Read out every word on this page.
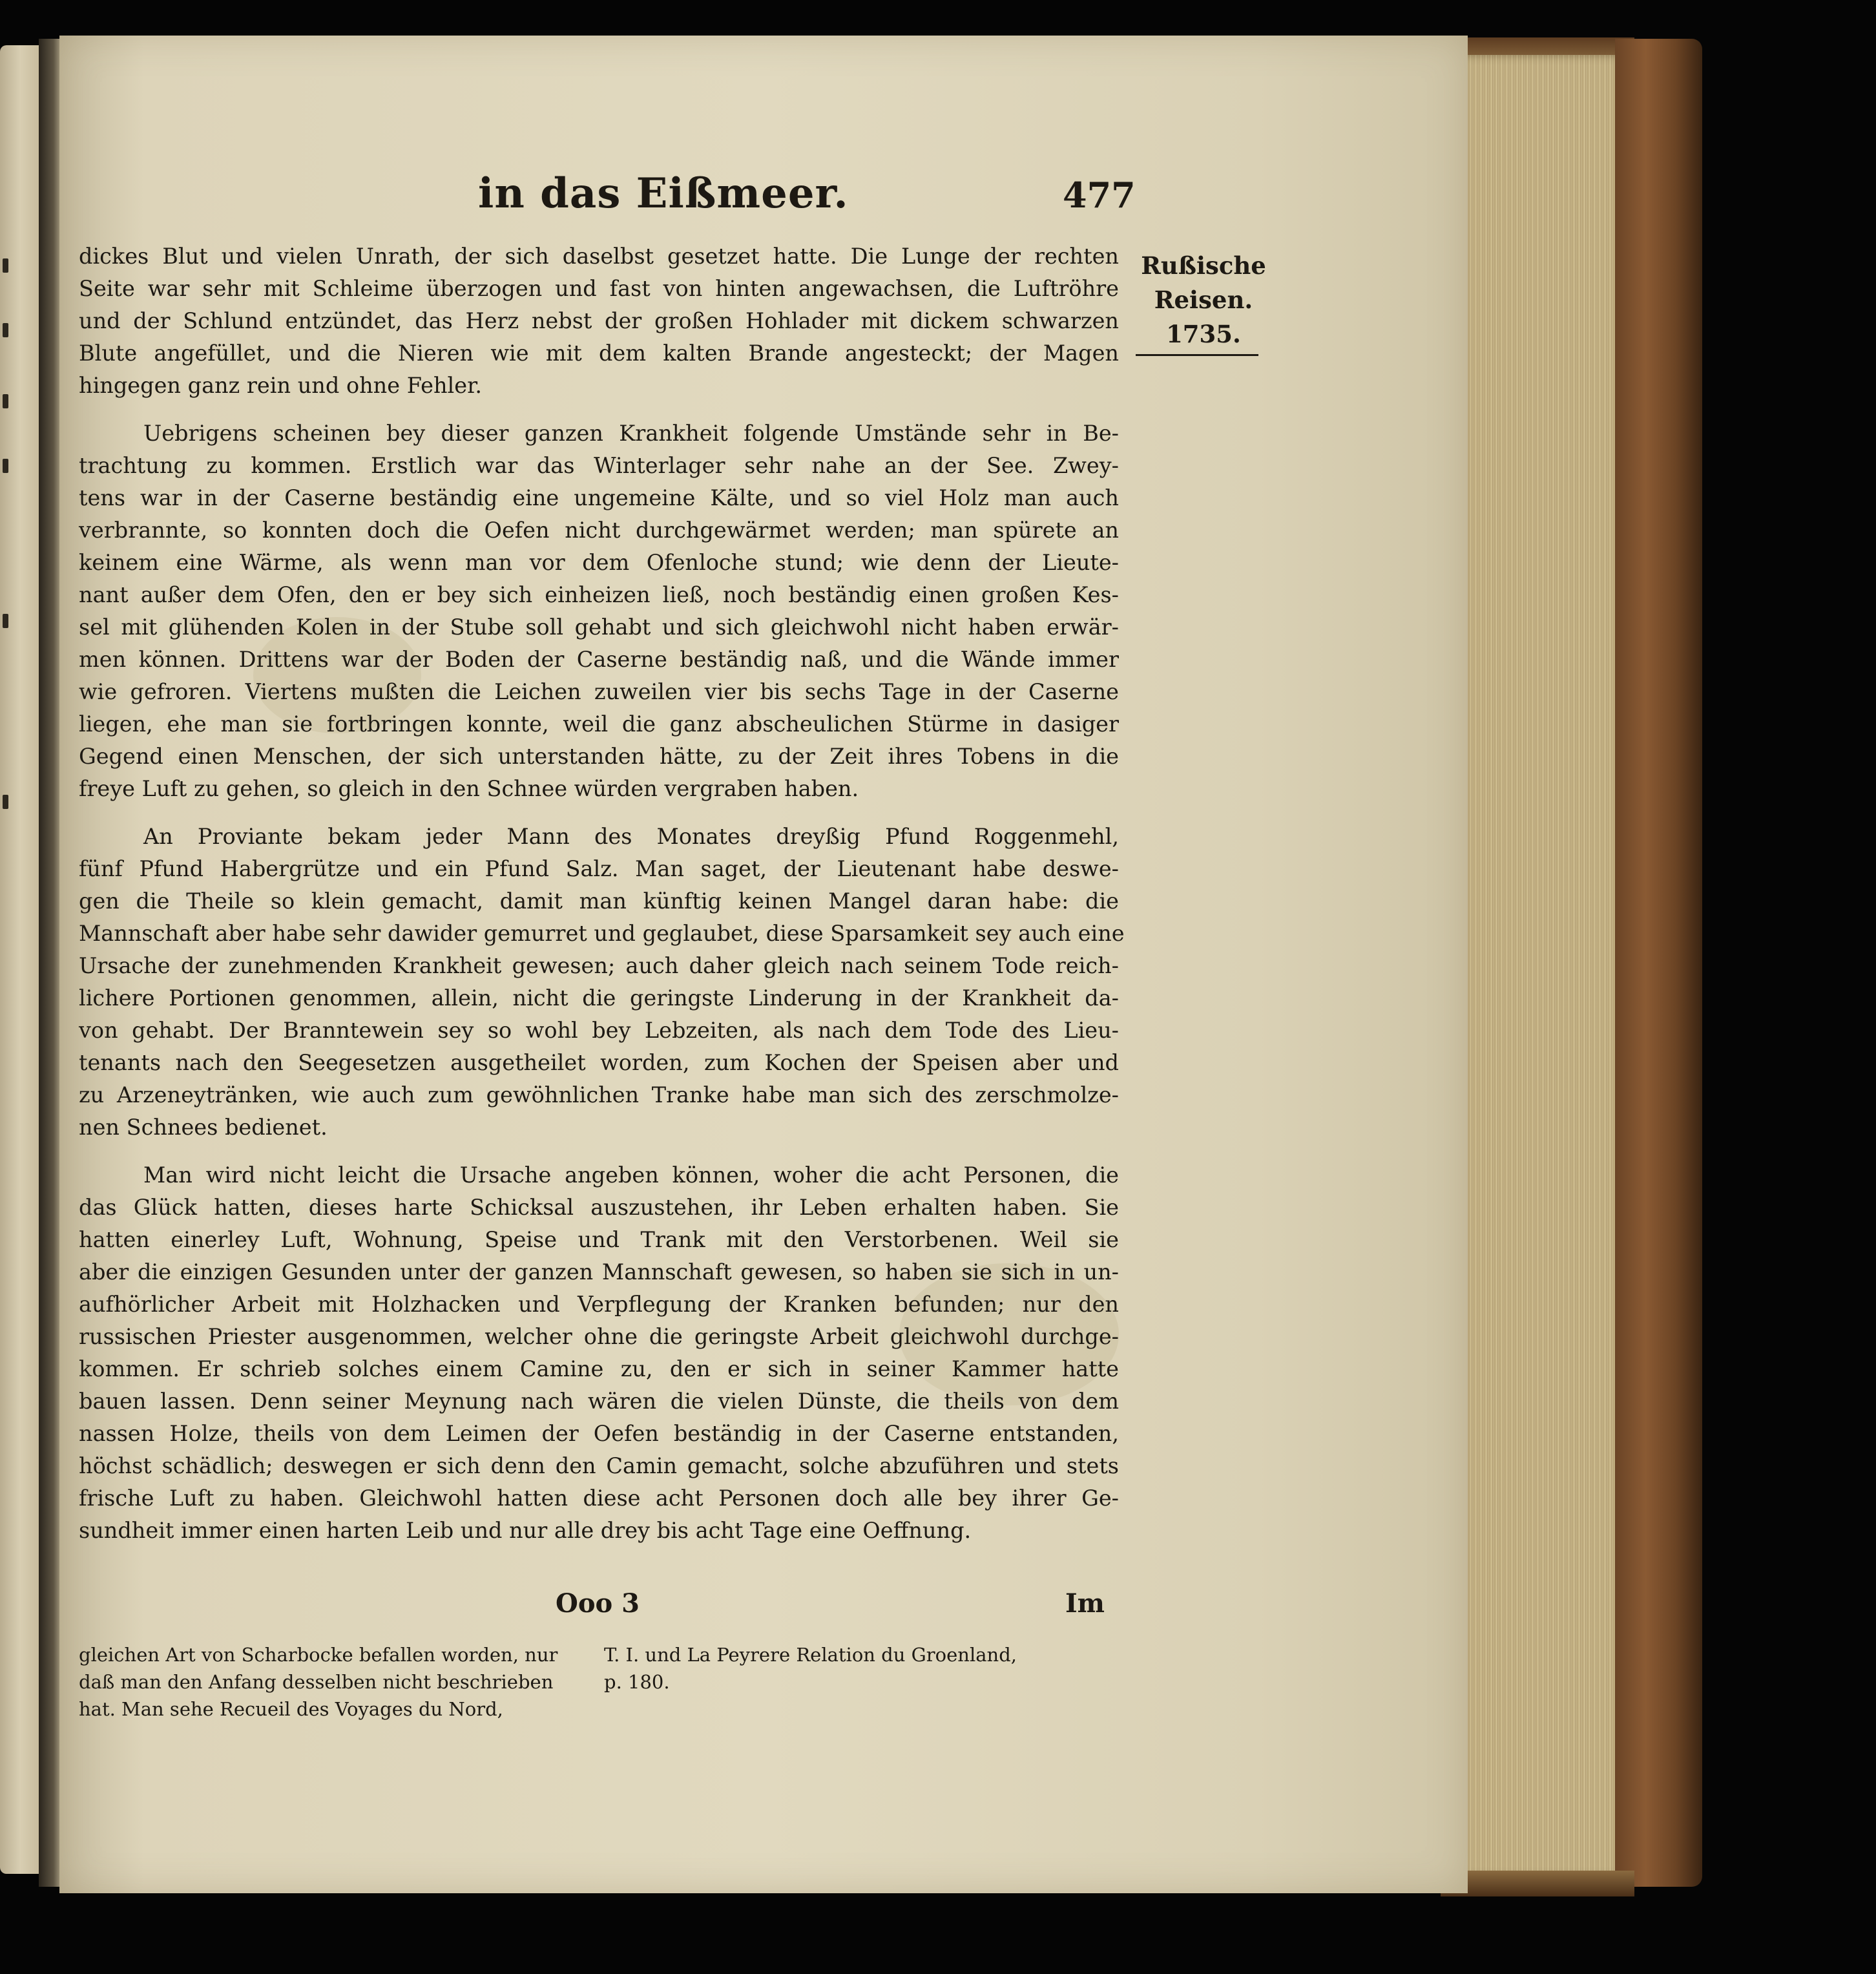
in das Eißmeer.	477
Rußische
Reisen.
1735.
dickes Blut und vielen Unrath, der sich daselbst gesetzet hatte. Die Lunge der rechten
Seite war sehr mit Schleime überzogen und fast von hinten angewachsen, die Luftröhre
und der Schlund entzündet, das Herz nebst der großen Hohlader mit dickem schwarzen
Blute angefüllet, und die Nieren wie mit dem kalten Brande angesteckt; der Magen
hingegen ganz rein und ohne Fehler.
Uebrigens scheinen bey dieser ganzen Krankheit folgende Umstände sehr in Be-
trachtung zu kommen. Erstlich war das Winterlager sehr nahe an der See. Zwey-
tens war in der Caserne beständig eine ungemeine Kälte, und so viel Holz man auch
verbrannte, so konnten doch die Oefen nicht durchgewärmet werden; man spürete an
keinem eine Wärme, als wenn man vor dem Ofenloche stund; wie denn der Lieute-
nant außer dem Ofen, den er bey sich einheizen ließ, noch beständig einen großen Kes-
sel mit glühenden Kolen in der Stube soll gehabt und sich gleichwohl nicht haben erwär-
men können. Drittens war der Boden der Caserne beständig naß, und die Wände immer
wie gefroren. Viertens mußten die Leichen zuweilen vier bis sechs Tage in der Caserne
liegen, ehe man sie fortbringen konnte, weil die ganz abscheulichen Stürme in dasiger
Gegend einen Menschen, der sich unterstanden hätte, zu der Zeit ihres Tobens in die
freye Luft zu gehen, so gleich in den Schnee würden vergraben haben.
An Proviante bekam jeder Mann des Monates dreyßig Pfund Roggenmehl,
fünf Pfund Habergrütze und ein Pfund Salz. Man saget, der Lieutenant habe deswe-
gen die Theile so klein gemacht, damit man künftig keinen Mangel daran habe: die
Mannschaft aber habe sehr dawider gemurret und geglaubet, diese Sparsamkeit sey auch eine
Ursache der zunehmenden Krankheit gewesen; auch daher gleich nach seinem Tode reich-
lichere Portionen genommen, allein, nicht die geringste Linderung in der Krankheit da-
von gehabt. Der Branntewein sey so wohl bey Lebzeiten, als nach dem Tode des Lieu-
tenants nach den Seegesetzen ausgetheilet worden, zum Kochen der Speisen aber und
zu Arzeneytränken, wie auch zum gewöhnlichen Tranke habe man sich des zerschmolze-
nen Schnees bedienet.
Man wird nicht leicht die Ursache angeben können, woher die acht Personen, die
das Glück hatten, dieses harte Schicksal auszustehen, ihr Leben erhalten haben. Sie
hatten einerley Luft, Wohnung, Speise und Trank mit den Verstorbenen. Weil sie
aber die einzigen Gesunden unter der ganzen Mannschaft gewesen, so haben sie sich in un-
aufhörlicher Arbeit mit Holzhacken und Verpflegung der Kranken befunden; nur den
russischen Priester ausgenommen, welcher ohne die geringste Arbeit gleichwohl durchge-
kommen. Er schrieb solches einem Camine zu, den er sich in seiner Kammer hatte
bauen lassen. Denn seiner Meynung nach wären die vielen Dünste, die theils von dem
nassen Holze, theils von dem Leimen der Oefen beständig in der Caserne entstanden,
höchst schädlich; deswegen er sich denn den Camin gemacht, solche abzuführen und stets
frische Luft zu haben. Gleichwohl hatten diese acht Personen doch alle bey ihrer Ge-
sundheit immer einen harten Leib und nur alle drey bis acht Tage eine Oeffnung.
Ooo 3	Im
gleichen Art von Scharbocke befallen worden, nur
daß man den Anfang desselben nicht beschrieben
hat. Man sehe Recueil des Voyages du Nord,
T. I. und La Peyrere Relation du Groenland,
p. 180.
